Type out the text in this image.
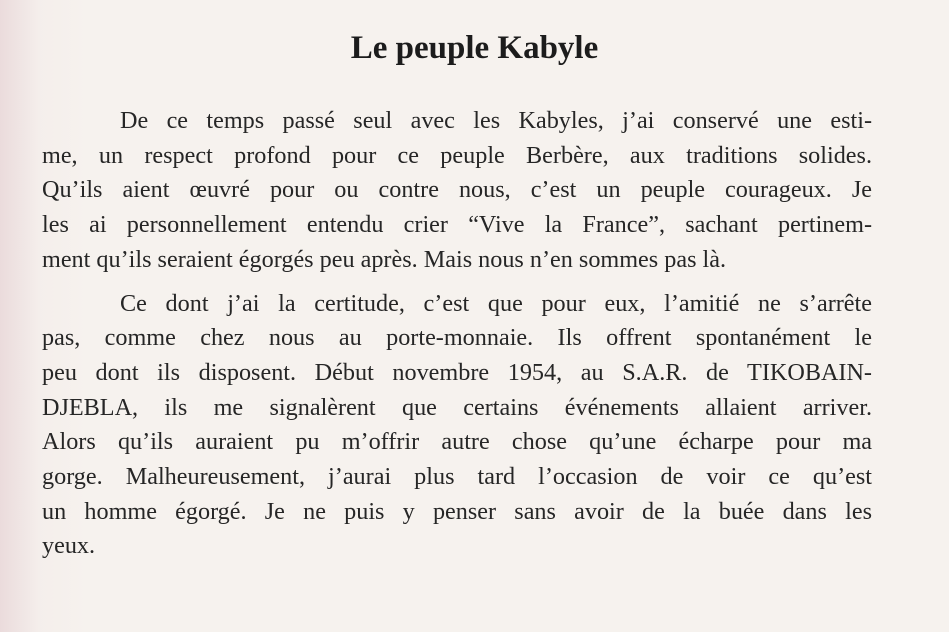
Le peuple Kabyle
De ce temps passé seul avec les Kabyles, j’ai conservé une esti-
me, un respect profond pour ce peuple Berbère, aux traditions solides.
Qu’ils aient œuvré pour ou contre nous, c’est un peuple courageux. Je
les ai personnellement entendu crier “Vive la France”, sachant pertinem-
ment qu’ils seraient égorgés peu après. Mais nous n’en sommes pas là.
Ce dont j’ai la certitude, c’est que pour eux, l’amitié ne s’arrête
pas, comme chez nous au porte-monnaie. Ils offrent spontanément le
peu dont ils disposent. Début novembre 1954, au S.A.R. de TIKOBAIN-
DJEBLA, ils me signalèrent que certains événements allaient arriver.
Alors qu’ils auraient pu m’offrir autre chose qu’une écharpe pour ma
gorge. Malheureusement, j’aurai plus tard l’occasion de voir ce qu’est
un homme égorgé. Je ne puis y penser sans avoir de la buée dans les
yeux.
